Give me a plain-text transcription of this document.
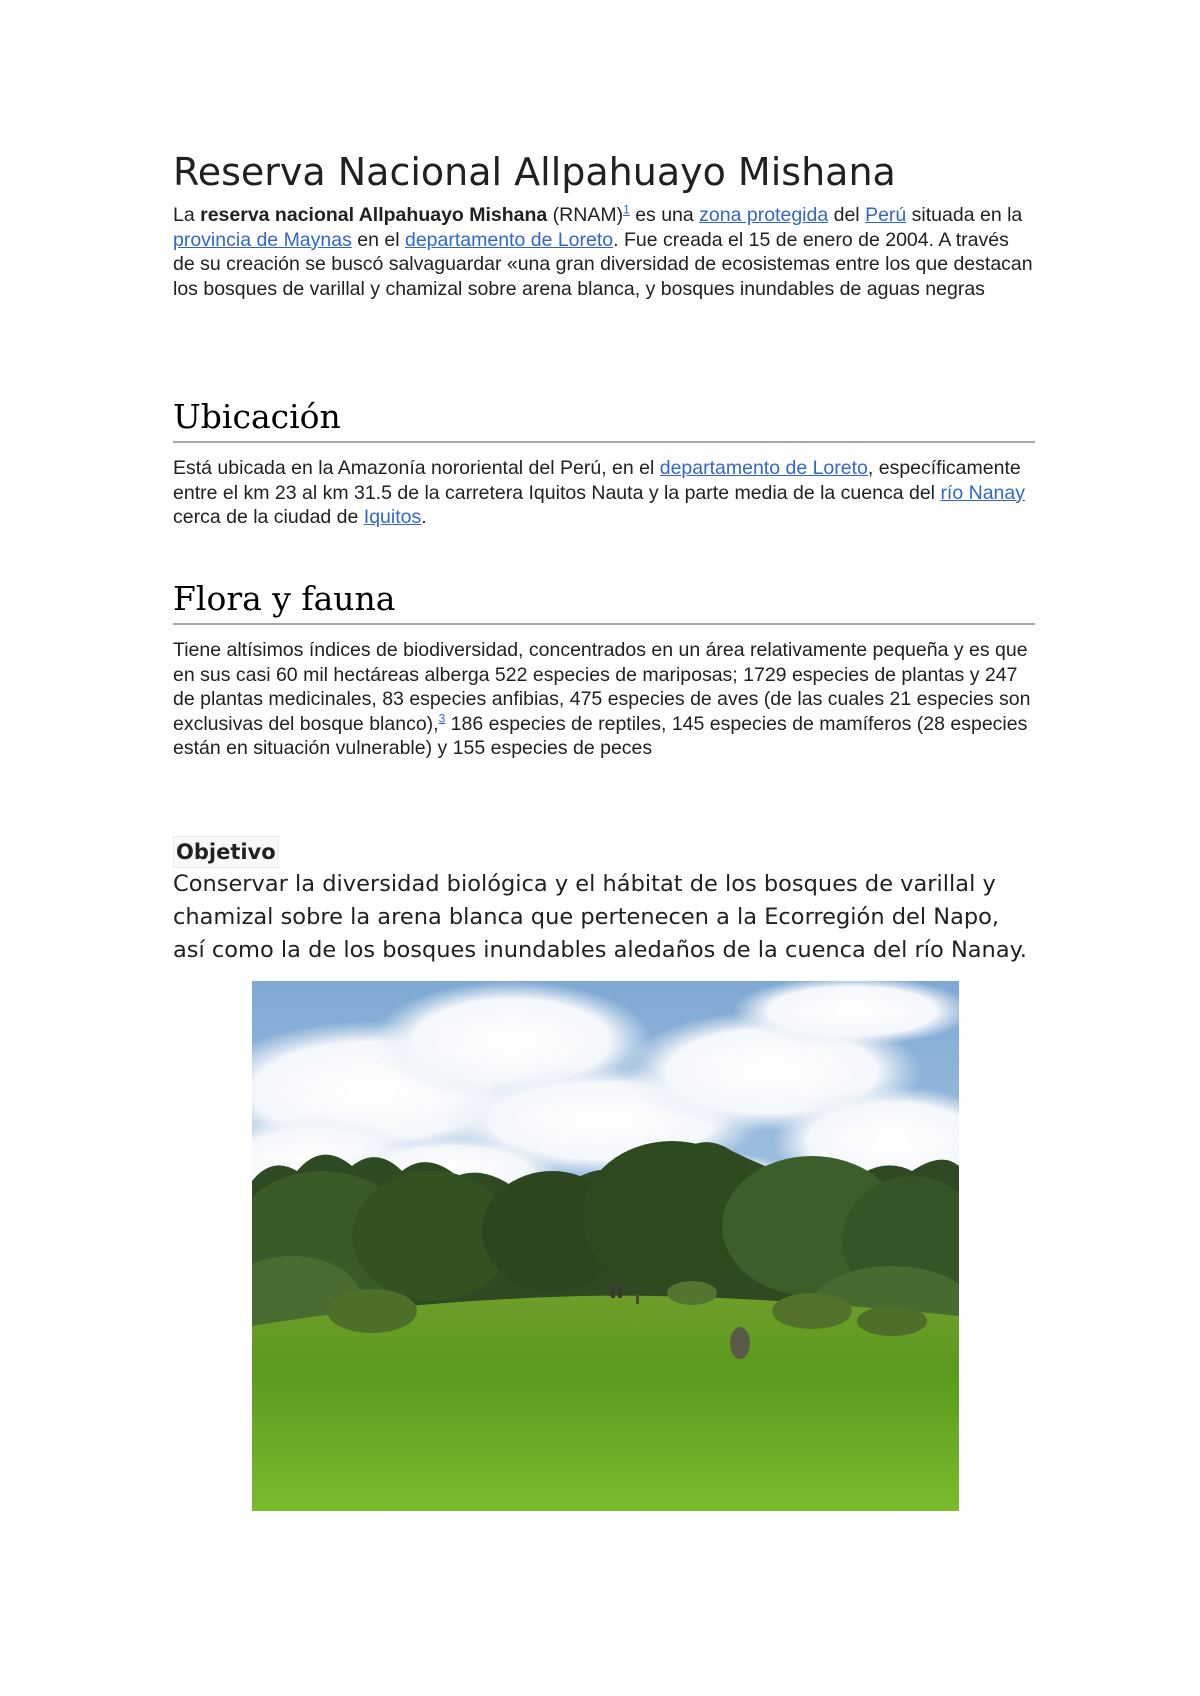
Reserva Nacional Allpahuayo Mishana

La reserva nacional Allpahuayo Mishana (RNAM)$^1$ es una zona protegida del Perú situada en la provincia de Maynas en el departamento de Loreto. Fue creada el 15 de enero de 2004. A través de su creación se buscó salvaguardar «una gran diversidad de ecosistemas entre los que destacan los bosques de varillal y chamizal sobre arena blanca, y bosques inundables de aguas negras

Ubicación

Está ubicada en la Amazonía nororiental del Perú, en el departamento de Loreto, específicamente entre el km 23 al km 31.5 de la carretera Iquitos Nauta y la parte media de la cuenca del río Nanay cerca de la ciudad de Iquitos.

Flora y fauna

Tiene altísimos índices de biodiversidad, concentrados en un área relativamente pequeña y es que en sus casi 60 mil hectáreas alberga 522 especies de mariposas; 1729 especies de plantas y 247 de plantas medicinales, 83 especies anfibias, 475 especies de aves (de las cuales 21 especies son exclusivas del bosque blanco),$^3$ 186 especies de reptiles, 145 especies de mamíferos (28 especies están en situación vulnerable) y 155 especies de peces

Objetivo

Conservar la diversidad biológica y el hábitat de los bosques de varillal y chamizal sobre la arena blanca que pertenecen a la Ecorregión del Napo, así como la de los bosques inundables aledaños de la cuenca del río Nanay.
